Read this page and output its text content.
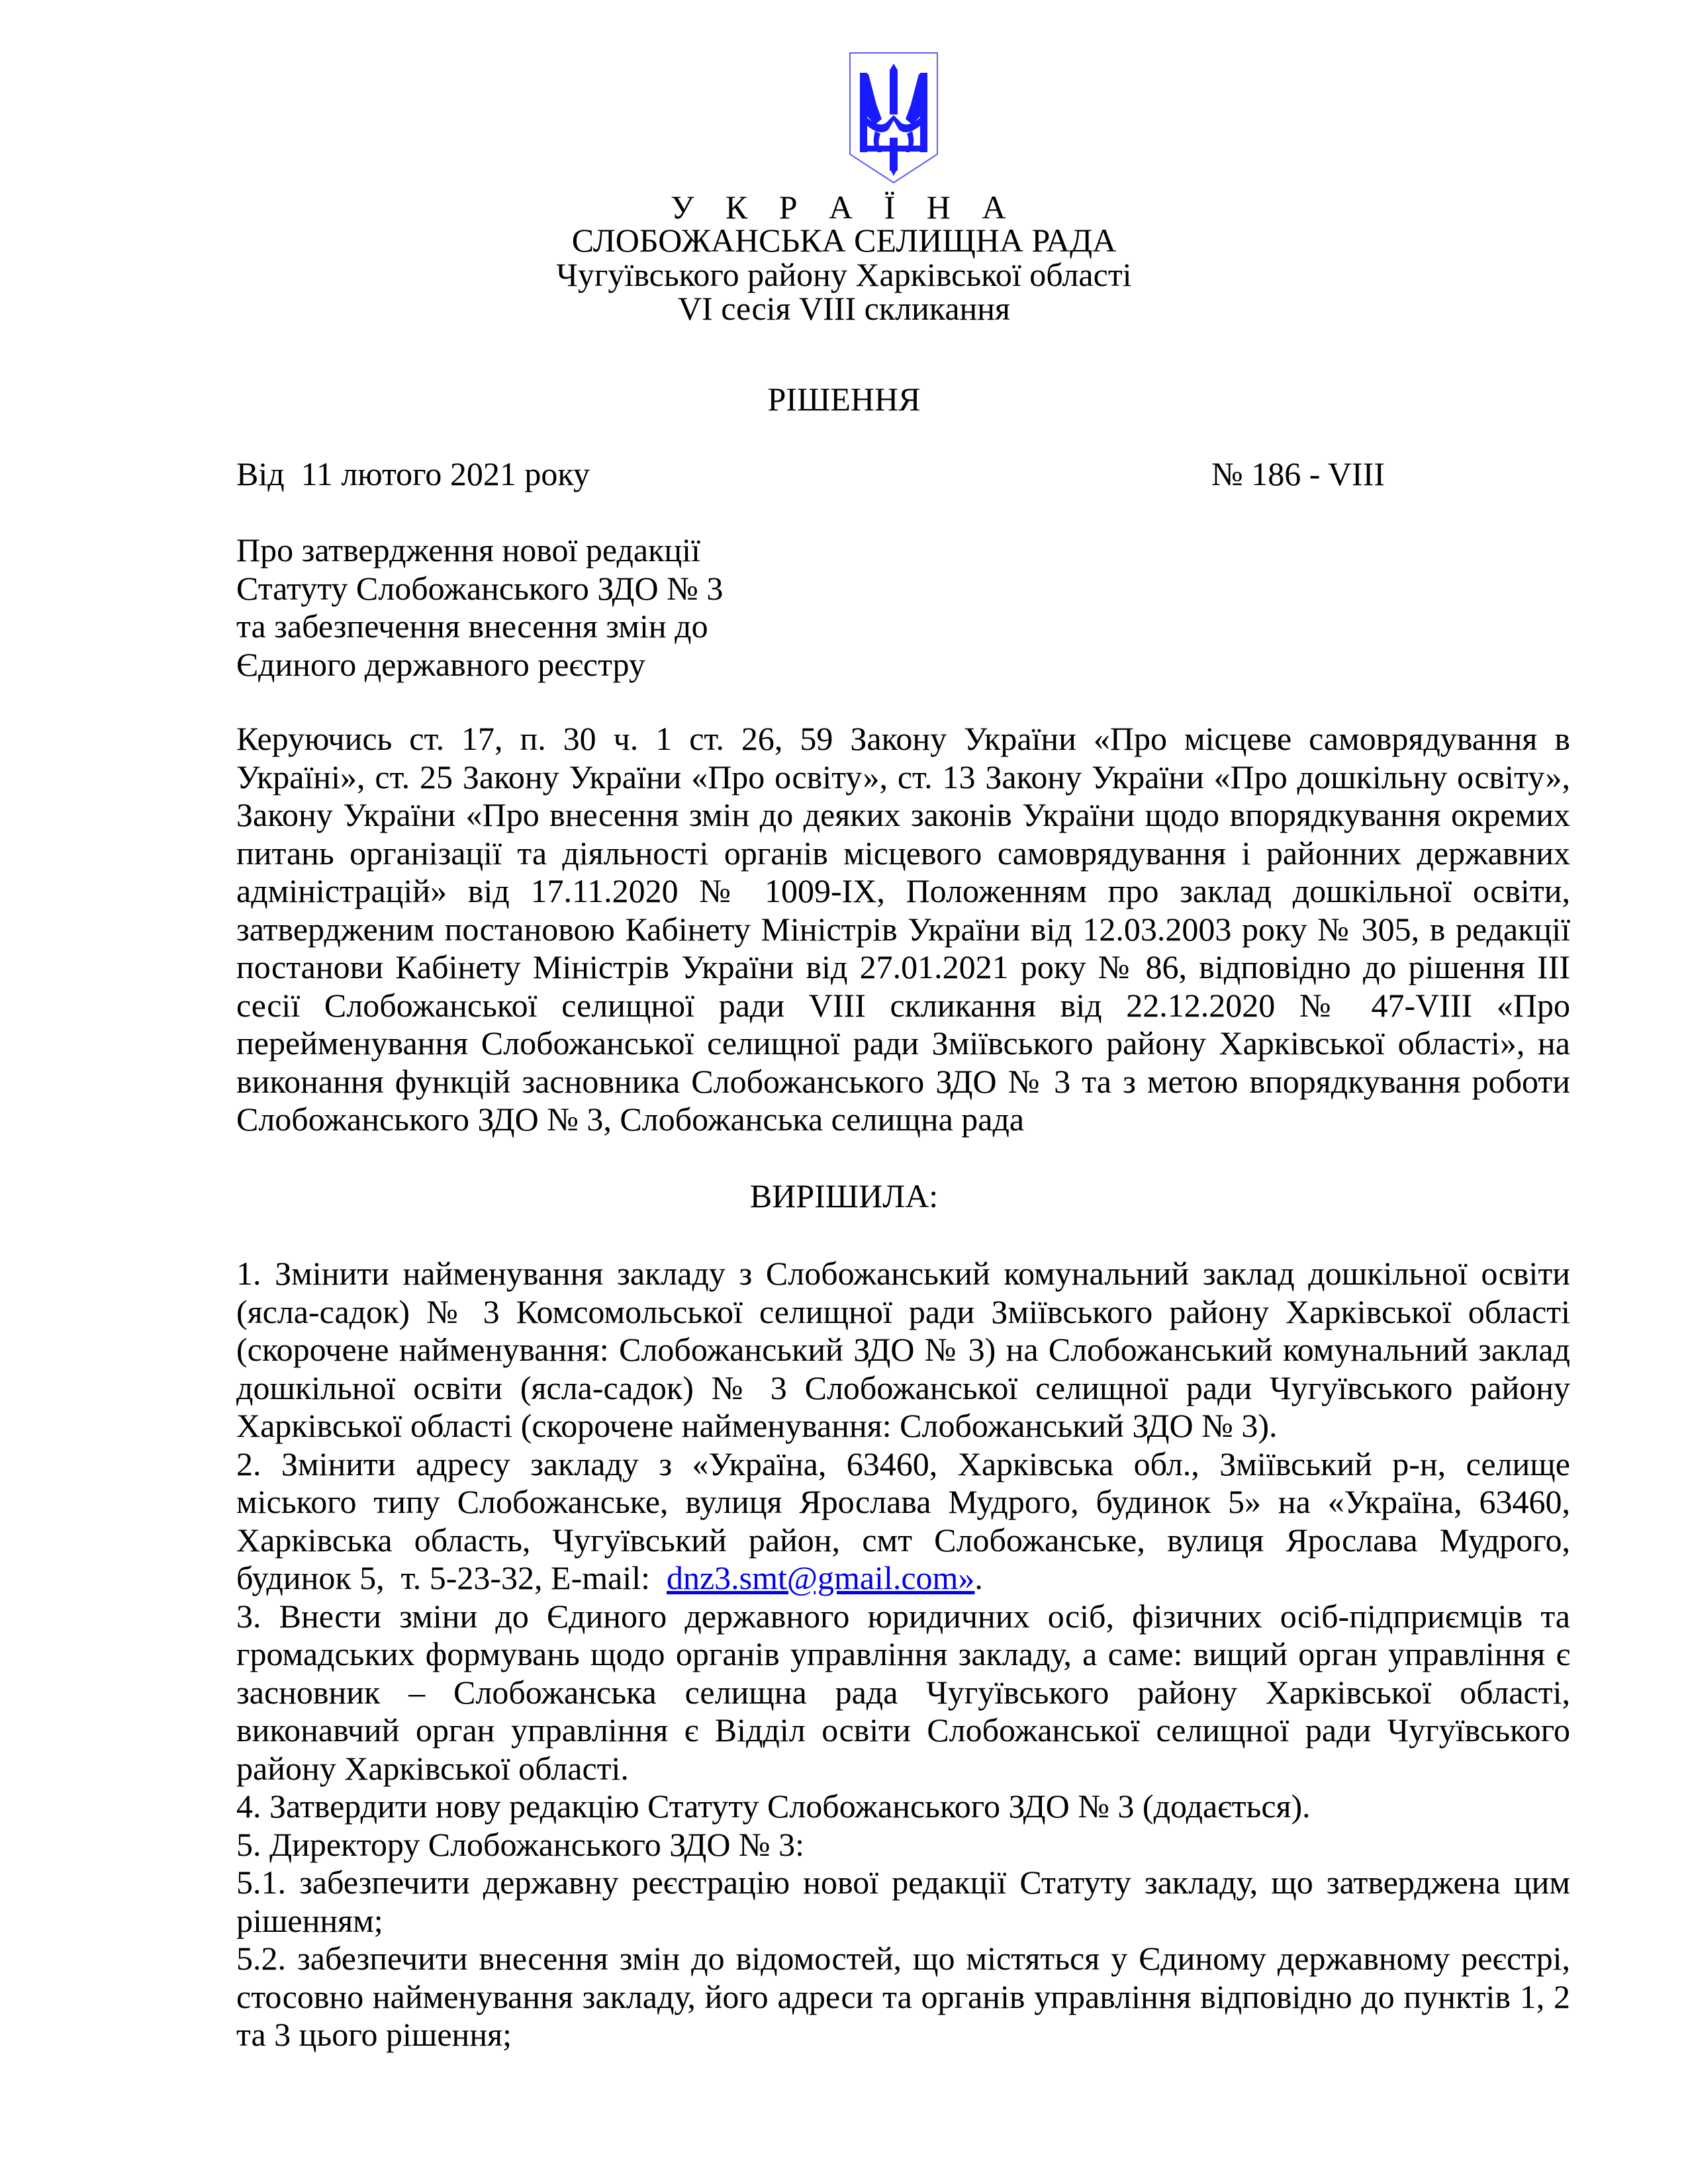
У К Р А Ї Н А
СЛОБОЖАНСЬКА СЕЛИЩНА РАДА
Чугуївського району Харківської області
VI сесія VIII скликання
РІШЕННЯ
Від  11 лютого 2021 року	№ 186 - VIII
Про затвердження нової редакції
Статуту Слобожанського ЗДО № 3
та забезпечення внесення змін до
Єдиного державного реєстру
Керуючись ст. 17, п. 30 ч. 1 ст. 26, 59 Закону України «Про місцеве самоврядування в
Україні», ст. 25 Закону України «Про освіту», ст. 13 Закону України «Про дошкільну освіту»,
Закону України «Про внесення змін до деяких законів України щодо впорядкування окремих
питань організації та діяльності органів місцевого самоврядування і районних державних
адміністрацій» від 17.11.2020 № 1009-IX, Положенням про заклад дошкільної освіти,
затвердженим постановою Кабінету Міністрів України від 12.03.2003 року № 305, в редакції
постанови Кабінету Міністрів України від 27.01.2021 року № 86, відповідно до рішення III
сесії Слобожанської селищної ради VIII скликання від 22.12.2020 № 47-VIII «Про
перейменування Слобожанської селищної ради Зміївського району Харківської області», на
виконання функцій засновника Слобожанського ЗДО № 3 та з метою впорядкування роботи
Слобожанського ЗДО № 3, Слобожанська селищна рада
ВИРІШИЛА:
1. Змінити найменування закладу з Слобожанський комунальний заклад дошкільної освіти
(ясла-садок) № 3 Комсомольської селищної ради Зміївського району Харківської області
(скорочене найменування: Слобожанський ЗДО № 3) на Слобожанський комунальний заклад
дошкільної освіти (ясла-садок) № 3 Слобожанської селищної ради Чугуївського району
Харківської області (скорочене найменування: Слобожанський ЗДО № 3).
2. Змінити адресу закладу з «Україна, 63460, Харківська обл., Зміївський р-н, селище
міського типу Слобожанське, вулиця Ярослава Мудрого, будинок 5» на «Україна, 63460,
Харківська область, Чугуївський район, смт Слобожанське, вулиця Ярослава Мудрого,
будинок 5,  т. 5-23-32, E-mail:  dnz3.smt@gmail.com».
3. Внести зміни до Єдиного державного юридичних осіб, фізичних осіб-підприємців та
громадських формувань щодо органів управління закладу, а саме: вищий орган управління є
засновник – Слобожанська селищна рада Чугуївського району Харківської області,
виконавчий орган управління є Відділ освіти Слобожанської селищної ради Чугуївського
району Харківської області.
4. Затвердити нову редакцію Статуту Слобожанського ЗДО № 3 (додається).
5. Директору Слобожанського ЗДО № 3:
5.1. забезпечити державну реєстрацію нової редакції Статуту закладу, що затверджена цим
рішенням;
5.2. забезпечити внесення змін до відомостей, що містяться у Єдиному державному реєстрі,
стосовно найменування закладу, його адреси та органів управління відповідно до пунктів 1, 2
та 3 цього рішення;
